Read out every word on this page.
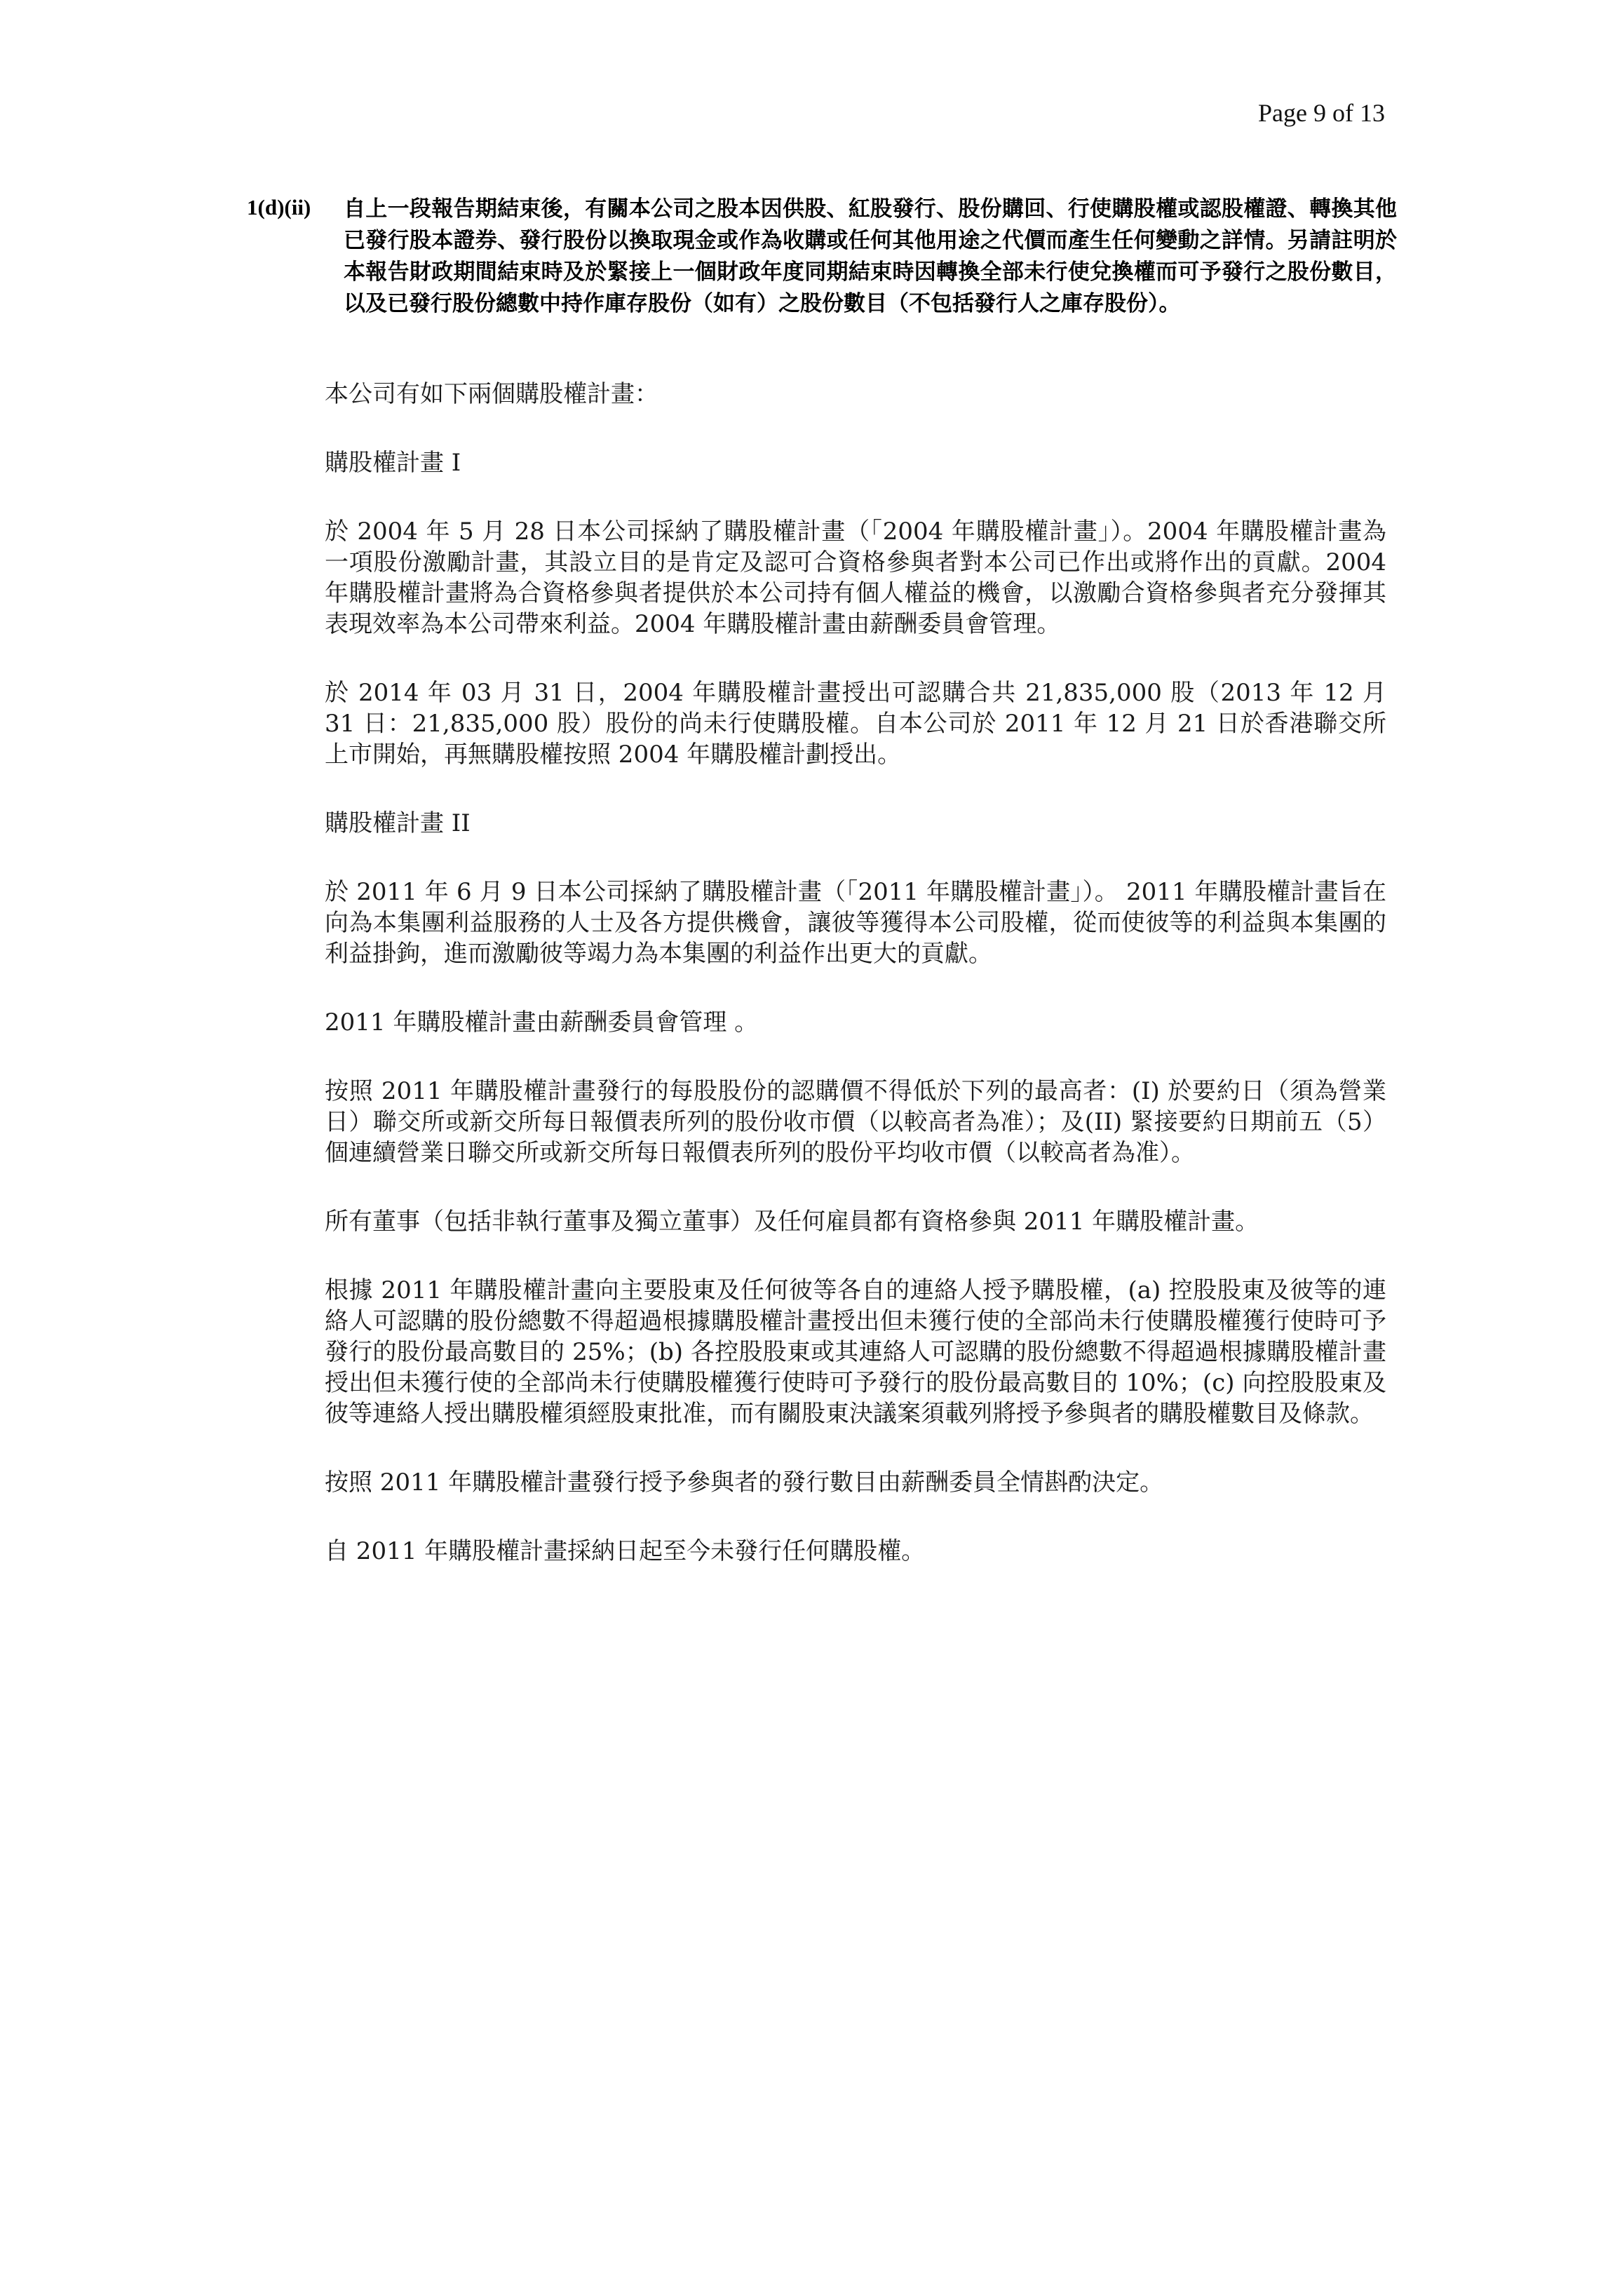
Page 9 of 13
1(d)(ii) 自上一段報告期結束後，有關本公司之股本因供股、紅股發行、股份購回、行使購股權或認股權證、轉換其他已發行股本證券、發行股份以換取現金或作為收購或任何其他用途之代價而產生任何變動之詳情。另請註明於本報告財政期間結束時及於緊接上一個財政年度同期結束時因轉換全部未行使兌換權而可予發行之股份數目，以及已發行股份總數中持作庫存股份（如有）之股份數目（不包括發行人之庫存股份）。

本公司有如下兩個購股權計畫：

購股權計畫 I

於 2004 年 5 月 28 日本公司採納了購股權計畫（「2004 年購股權計畫」）。2004 年購股權計畫為一項股份激勵計畫，其設立目的是肯定及認可合資格參與者對本公司已作出或將作出的貢獻。2004 年購股權計畫將為合資格參與者提供於本公司持有個人權益的機會，以激勵合資格參與者充分發揮其表現效率為本公司帶來利益。2004 年購股權計畫由薪酬委員會管理。

於 2014 年 03 月 31 日，2004 年購股權計畫授出可認購合共 21,835,000 股（2013 年 12 月 31 日：21,835,000 股）股份的尚未行使購股權。自本公司於 2011 年 12 月 21 日於香港聯交所上市開始，再無購股權按照 2004 年購股權計劃授出。

購股權計畫 II

於 2011 年 6 月 9 日本公司採納了購股權計畫（「2011 年購股權計畫」）。 2011 年購股權計畫旨在向為本集團利益服務的人士及各方提供機會，讓彼等獲得本公司股權，從而使彼等的利益與本集團的利益掛鉤，進而激勵彼等竭力為本集團的利益作出更大的貢獻。

2011 年購股權計畫由薪酬委員會管理 。

按照 2011 年購股權計畫發行的每股股份的認購價不得低於下列的最高者：(I) 於要約日（須為營業日）聯交所或新交所每日報價表所列的股份收市價（以較高者為准）；及(II) 緊接要約日期前五（5）個連續營業日聯交所或新交所每日報價表所列的股份平均收市價（以較高者為准）。

所有董事（包括非執行董事及獨立董事）及任何雇員都有資格參與 2011 年購股權計畫。

根據 2011 年購股權計畫向主要股東及任何彼等各自的連絡人授予購股權，(a) 控股股東及彼等的連絡人可認購的股份總數不得超過根據購股權計畫授出但未獲行使的全部尚未行使購股權獲行使時可予發行的股份最高數目的 25%；(b) 各控股股東或其連絡人可認購的股份總數不得超過根據購股權計畫授出但未獲行使的全部尚未行使購股權獲行使時可予發行的股份最高數目的 10%；(c) 向控股股東及彼等連絡人授出購股權須經股東批准，而有關股東決議案須載列將授予參與者的購股權數目及條款。

按照 2011 年購股權計畫發行授予參與者的發行數目由薪酬委員全情斟酌決定。

自 2011 年購股權計畫採納日起至今未發行任何購股權。
